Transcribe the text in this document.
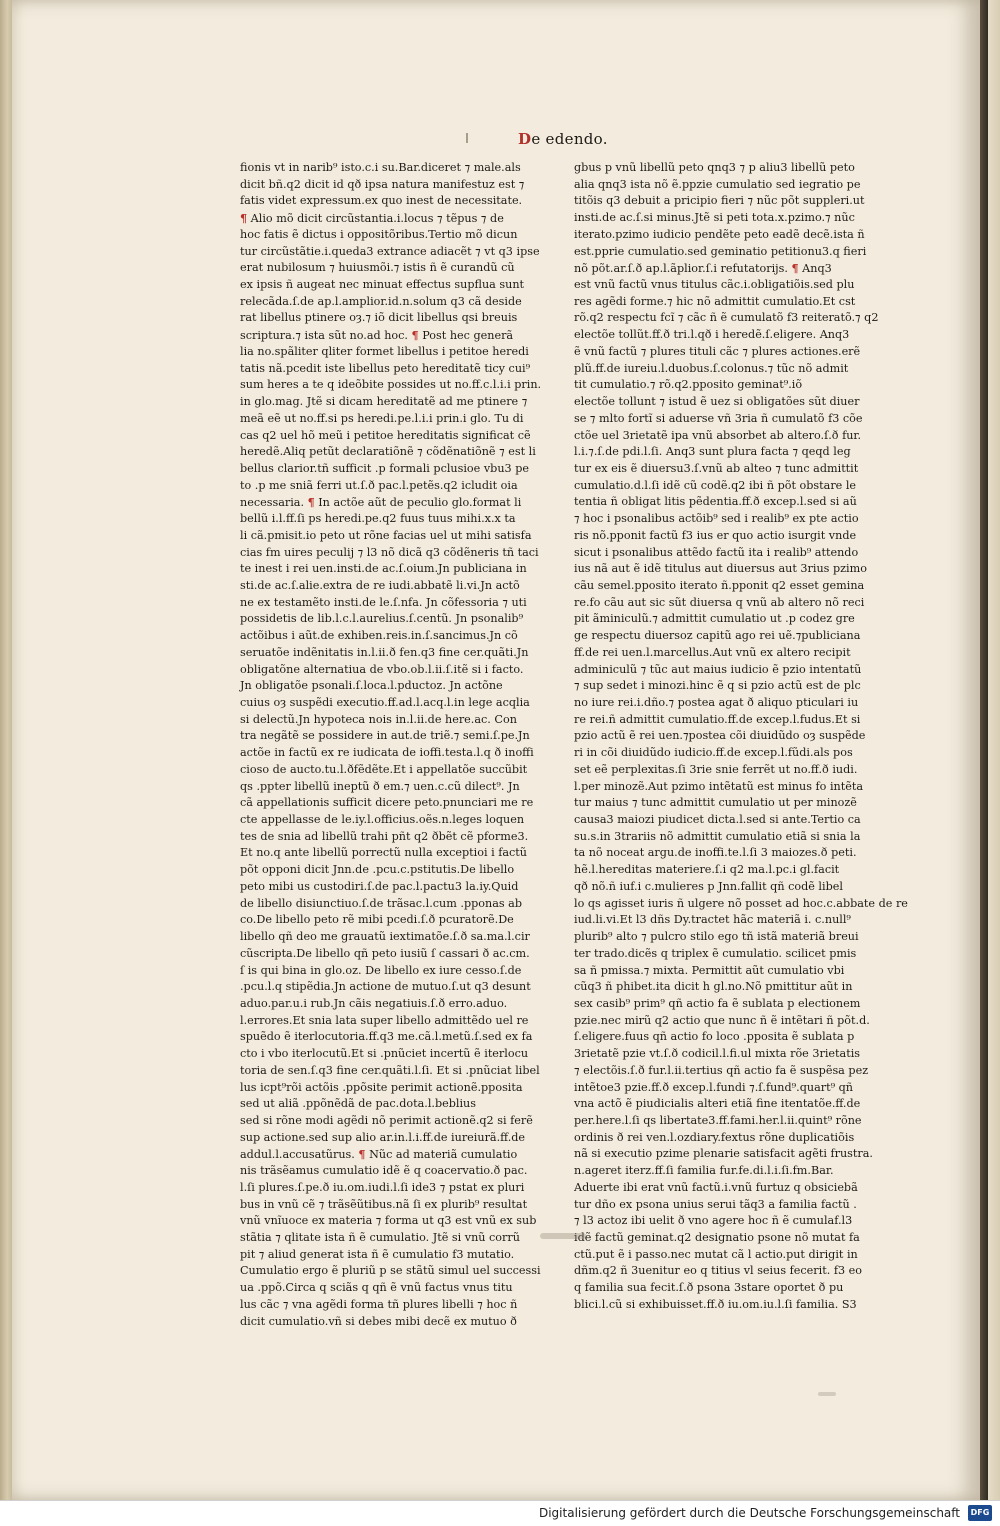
De edendo.
fionis vt in narib⁹ isto.c.i su.Bar.diceret ⁊ male.als
dicit bñ.q2 dicit id qð ipsa natura manifestuz est ⁊
fatis videt expressum.ex quo inest de necessitate.
¶ Alio mõ dicit circũstantia.i.locus ⁊ tẽpus ⁊ de
hoc fatis ẽ dictus i oppositõribus.Tertio mõ dicun
tur circũstãtie.i.queda3 extrance adiacẽt ⁊ vt q3 ipse
erat nubilosum ⁊ huiusmõi.⁊ istis ñ ẽ curandũ cũ
ex ipsis ñ augeat nec minuat effectus supflua sunt
relecãda.ſ.de ap.l.amplior.id.n.solum q3 cã deside
rat libellus ptinere oȝ.⁊ iõ dicit libellus qsi breuis
scriptura.⁊ ista sũt no.ad hoc. ¶ Post hec generã
lia no.spãliter qliter formet libellus i petitoe heredi
tatis nã.pcedit iste libellus peto hereditatẽ ticy cui⁹
sum heres a te q ideõbite possides ut no.ff.c.l.i.i prin.
in glo.mag. Jtẽ si dicam hereditatẽ ad me ptinere ⁊
meã eẽ ut no.ff.si ps heredi.pe.l.i.i prin.i glo. Tu di
cas q2 uel hõ meũ i petitoe hereditatis significat cẽ
heredẽ.Aliq petũt declaratiõnẽ ⁊ cõdẽnatiõnẽ ⁊ est li
bellus clarior.tñ sufficit .p formali pclusioe vbu3 pe
to .p me sniã ferri ut.ſ.ð pac.l.petẽs.q2 icludit oia
necessaria. ¶ In actõe aũt de peculio glo.format li
bellũ i.l.ff.ſi ps heredi.pe.q2 fuus tuus mihi.x.x ta
li cã.pmisit.io peto ut rõne facias uel ut mihi satisfa
cias fm uires peculij ⁊ l3 nõ dicã q3 cõdẽneris tñ taci
te inest i rei uen.insti.de ac.ſ.oium.Jn publiciana in
sti.de ac.ſ.alie.extra de re iudi.abbatẽ li.vi.Jn actõ
ne ex testamẽto insti.de le.ſ.nfa. Jn cõfessoria ⁊ uti
possidetis de lib.l.c.l.aurelius.ſ.centũ. Jn psonalib⁹
actõibus i aũt.de exhiben.reis.in.ſ.sancimus.Jn cõ
seruatõe indẽnitatis in.l.ii.ð fen.q3 fine cer.quãti.Jn
obligatõne alternatiua de vbo.ob.l.ii.ſ.itẽ si i facto.
Jn obligatõe psonali.ſ.loca.l.pductoz. Jn actõne
cuius oȝ suspẽdi executio.ff.ad.l.acq.l.in lege acqlia
si delectũ.Jn hypoteca nois in.l.ii.de here.ac. Con
tra negãtẽ se possidere in aut.de triẽ.⁊ semi.ſ.pe.Jn
actõe in factũ ex re iudicata de ioffi.testa.l.q ð inoffi
cioso de aucto.tu.l.ðfẽdẽte.Et i appellatõe succũbit
qs .ppter libellũ ineptũ ð em.⁊ uen.c.cũ dilect⁹. Jn
cã appellationis sufficit dicere peto.pnunciari me re
cte appellasse de le.iy.l.officius.oẽs.n.leges loquen
tes de snia ad libellũ trahi pñt q2 ðbẽt cẽ pforme3.
Et no.q ante libellũ porrectũ nulla exceptioi i factũ
põt opponi dicit Jnn.de .pcu.c.pstitutis.De libello
peto mibi us custodiri.ſ.de pac.l.pactu3 la.iy.Quid
de libello disiunctiuo.ſ.de trãsac.l.cum .pponas ab
co.De libello peto rẽ mibi pcedi.ſ.ð pcuratorẽ.De
libello qñ deo me grauatũ iextimatõe.ſ.ð sa.ma.l.cir
cũscripta.De libello qñ peto iusiũ ſ cassari ð ac.cm.
ſ is qui bina in glo.oz. De libello ex iure cesso.ſ.de
.pcu.l.q stipẽdia.Jn actione de mutuo.ſ.ut q3 desunt
aduo.par.u.i rub.Jn cãis negatiuis.ſ.ð erro.aduo.
l.errores.Et snia lata super libello admittẽdo uel re
spuẽdo ẽ iterlocutoria.ff.q3 me.cã.l.metũ.ſ.sed ex fa
cto i vbo iterlocutũ.Et si .pnũciet incertũ ẽ iterlocu
toria de sen.ſ.q3 fine cer.quãti.l.ſi. Et si .pnũciat libel
lus icpt⁹rõi actõis .ppõsite perimit actionẽ.pposita
sed ut aliã .ppõnẽdã de pac.dota.l.beblius
sed si rõne modi agẽdi nõ perimit actionẽ.q2 si ferẽ
sup actione.sed sup alio ar.in.l.i.ff.de iureiurã.ff.de
addul.l.accusatũrus. ¶ Nũc ad materiã cumulatio
nis trãsẽamus cumulatio idẽ ẽ q coacervatio.ð pac.
l.ſi plures.ſ.pe.ð iu.om.iudi.l.ſi ide3 ⁊ pstat ex pluri
bus in vnũ cẽ ⁊ trãsẽũtibus.nã ſi ex plurib⁹ resultat
vnũ vnĩuoce ex materia ⁊ forma ut q3 est vnũ ex sub
stãtia ⁊ qlitate ista ñ ẽ cumulatio. Jtẽ si vnũ corrũ
pit ⁊ aliud generat ista ñ ẽ cumulatio f3 mutatio.
Cumulatio ergo ẽ pluriũ p se stãtũ simul uel successi
ua .ppõ.Circa q sciãs q qñ ẽ vnũ factus vnus titu
lus cãc ⁊ vna agẽdi forma tñ plures libelli ⁊ hoc ñ
dicit cumulatio.vñ si debes mibi decẽ ex mutuo ð
gbus p vnũ libellũ peto qnq3 ⁊ p aliu3 libellũ peto
alia qnq3 ista nõ ẽ.ppzie cumulatio sed iegratio pe
titõis q3 debuit a pricipio fieri ⁊ nũc põt suppleri.ut
insti.de ac.ſ.si minus.Jtẽ si peti tota.x.pzimo.⁊ nũc
iterato.pzimo iudicio pendẽte peto eadẽ decẽ.ista ñ
est.pprie cumulatio.sed geminatio petitionu3.q fieri
nõ põt.ar.ſ.ð ap.l.ãplior.ſ.i refutatorijs. ¶ Anq3
est vnũ factũ vnus titulus cãc.i.obligatiõis.sed plu
res agẽdi forme.⁊ hic nõ admittit cumulatio.Et cst
rõ.q2 respectu fcĩ ⁊ cãc ñ ẽ cumulatõ f3 reiteratõ.⁊ q2
electõe tollũt.ff.ð tri.l.qð i heredẽ.ſ.eligere. Anq3
ẽ vnũ factũ ⁊ plures tituli cãc ⁊ plures actiones.erẽ
plũ.ff.de iureiu.l.duobus.ſ.colonus.⁊ tũc nõ admit
tit cumulatio.⁊ rõ.q2.pposito geminat⁹.iõ
electõe tollunt ⁊ istud ẽ uez si obligatões sũt diuer
se ⁊ mlto fortĩ si aduerse vñ 3ria ñ cumulatõ f3 cõe
ctõe uel 3rietatẽ ipa vnũ absorbet ab altero.ſ.ð fur.
l.i.⁊.ſ.de pdi.l.ſi. Anq3 sunt plura facta ⁊ qeqd leg
tur ex eis ẽ diuersu3.ſ.vnũ ab alteo ⁊ tunc admittit
cumulatio.d.l.ſi idẽ cũ codẽ.q2 ibi ñ põt obstare le
tentia ñ obligat litis pẽdentia.ff.ð excep.l.sed si aũ
⁊ hoc i psonalibus actõib⁹ sed i realib⁹ ex pte actio
ris nõ.pponit factũ f3 ius er quo actio isurgit vnde
sicut i psonalibus attẽdo factũ ita i realib⁹ attendo
ius nã aut ẽ idẽ titulus aut diuersus aut 3rius pzimo
cãu semel.pposito iterato ñ.pponit q2 esset gemina
re.fo cãu aut sic sũt diuersa q vnũ ab altero nõ reci
pit ãminiculũ.⁊ admittit cumulatio ut .p codez gre
ge respectu diuersoz capitũ ago rei uẽ.⁊publiciana
ff.de rei uen.l.marcellus.Aut vnũ ex altero recipit
adminiculũ ⁊ tũc aut maius iudicio ẽ pzio intentatũ
⁊ sup sedet i minozi.hinc ẽ q si pzio actũ est de plc
no iure rei.i.dño.⁊ postea agat ð aliquo pticulari iu
re rei.ñ admittit cumulatio.ff.de excep.l.fudus.Et si
pzio actũ ẽ rei uen.⁊postea cõi diuidũdo oȝ suspẽde
ri in cõi diuidũdo iudicio.ff.de excep.l.fũdi.als pos
set eẽ perplexitas.ſi 3rie snie ferrẽt ut no.ff.ð iudi.
l.per minozẽ.Aut pzimo intẽtatũ est minus fo intẽta
tur maius ⁊ tunc admittit cumulatio ut per minozẽ
causa3 maiozi piudicet dicta.l.sed si ante.Tertio ca
su.s.in 3trariis nõ admittit cumulatio etiã si snia la
ta nõ noceat argu.de inoffi.te.l.ſi 3 maiozes.ð peti.
hẽ.l.hereditas materiere.ſ.i q2 ma.l.pc.i gl.facit
qð nõ.ñ iuf.i c.mulieres p Jnn.fallit qñ codẽ libel
lo qs agisset iuris ñ ulgere nõ posset ad hoc.c.abbate de re
iud.li.vi.Et l3 dñs Dy.tractet hãc materiã i. c.null⁹
plurib⁹ alto ⁊ pulcro stilo ego tñ istã materiã breui
ter trado.dicẽs q triplex ẽ cumulatio. scilicet pmis
sa ñ pmissa.⁊ mixta. Permittit aũt cumulatio vbi
cũq3 ñ phibet.ita dicit h gl.no.Nõ pmittitur aũt in
sex casib⁹ prim⁹ qñ actio fa ẽ sublata p electionem
pzie.nec mirũ q2 actio que nunc ñ ẽ intẽtari ñ põt.d.
ſ.eligere.fuus qñ actio fo loco .pposita ẽ sublata p
3rietatẽ pzie vt.ſ.ð codicil.l.fi.ul mixta rõe 3rietatis
⁊ electõis.ſ.ð fur.l.ii.tertius qñ actio fa ẽ suspẽsa pez
intẽtoe3 pzie.ff.ð excep.l.fundi ⁊.ſ.fund⁹.quart⁹ qñ
vna actõ ẽ piudicialis alteri etiã fine itentatõe.ff.de
per.here.l.ſi qs libertate3.ff.fami.her.l.ii.quint⁹ rõne
ordinis ð rei ven.l.ozdiary.fextus rõne duplicatiõis
nã si executio pzime plenarie satisfacit agẽti frustra.
n.ageret iterz.ff.ſi familia fur.fe.di.l.i.ſi.fm.Bar.
Aduerte ibi erat vnũ factũ.i.vnũ furtuz q obsiciebã
tur dño ex psona unius serui tãq3 a familia factũ .
⁊ l3 actoz ibi uelit ð vno agere hoc ñ ẽ cumulaf.l3
idẽ factũ geminat.q2 designatio psone nõ mutat fa
ctũ.put ẽ i passo.nec mutat cã l actio.put dirigit in
dñm.q2 ñ 3uenitur eo q titius vl seius fecerit. f3 eo
q familia sua fecit.ſ.ð psona 3stare oportet ð pu
blici.l.cũ si exhibuisset.ff.ð iu.om.iu.l.ſi familia. S3
Digitalisierung gefördert durch die Deutsche Forschungsgemeinschaft	DFG
